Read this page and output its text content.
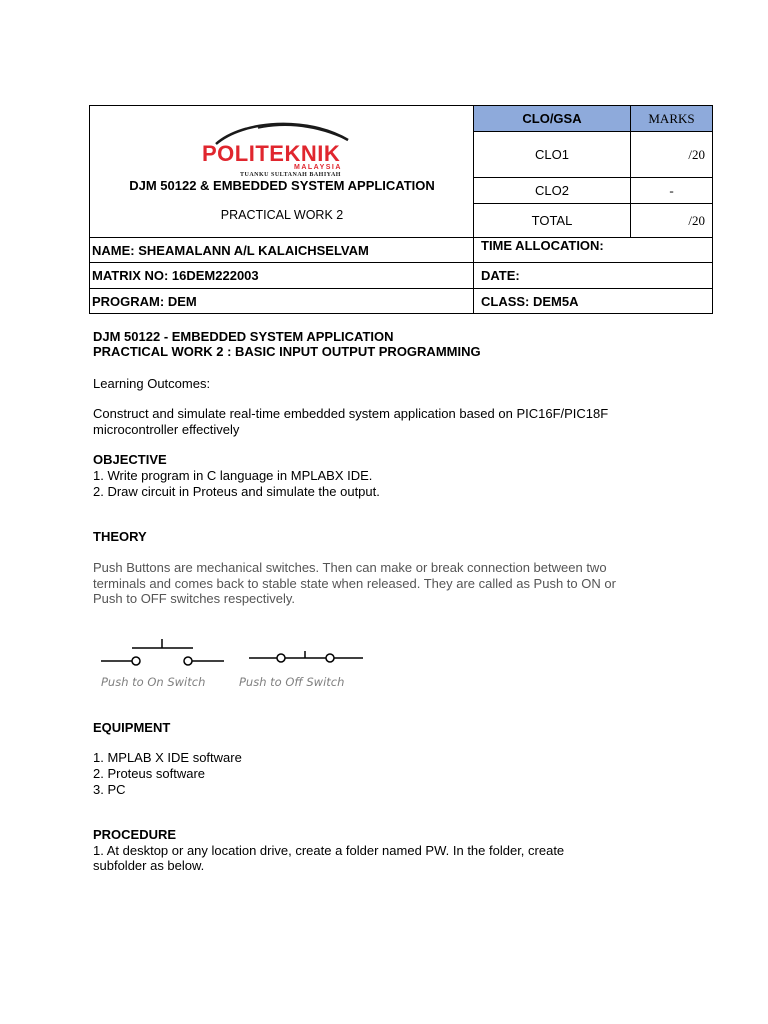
POLITEKNIK
MALAYSIA
TUANKU SULTANAH BAHIYAH
DJM 50122 & EMBEDDED SYSTEM APPLICATION
PRACTICAL WORK 2	CLO/GSA	MARKS
	CLO1	/20
	CLO2	-
	TOTAL	/20
NAME: SHEAMALANN A/L KALAICHSELVAM	TIME ALLOCATION:	
MATRIX NO: 16DEM222003	DATE:	
PROGRAM: DEM	CLASS: DEM5A	
DJM 50122 - EMBEDDED SYSTEM APPLICATION
PRACTICAL WORK 2 : BASIC INPUT OUTPUT PROGRAMMING
Learning Outcomes:
Construct and simulate real-time embedded system application based on PIC16F/PIC18F
microcontroller effectively
OBJECTIVE
1. Write program in C language in MPLABX IDE.
2. Draw circuit in Proteus and simulate the output.
THEORY
Push Buttons are mechanical switches. Then can make or break connection between two
terminals and comes back to stable state when released. They are called as Push to ON or
Push to OFF switches respectively.
Push to On Switch	Push to Off Switch
EQUIPMENT
1. MPLAB X IDE software
2. Proteus software
3. PC
PROCEDURE
1. At desktop or any location drive, create a folder named PW. In the folder, create
subfolder as below.
